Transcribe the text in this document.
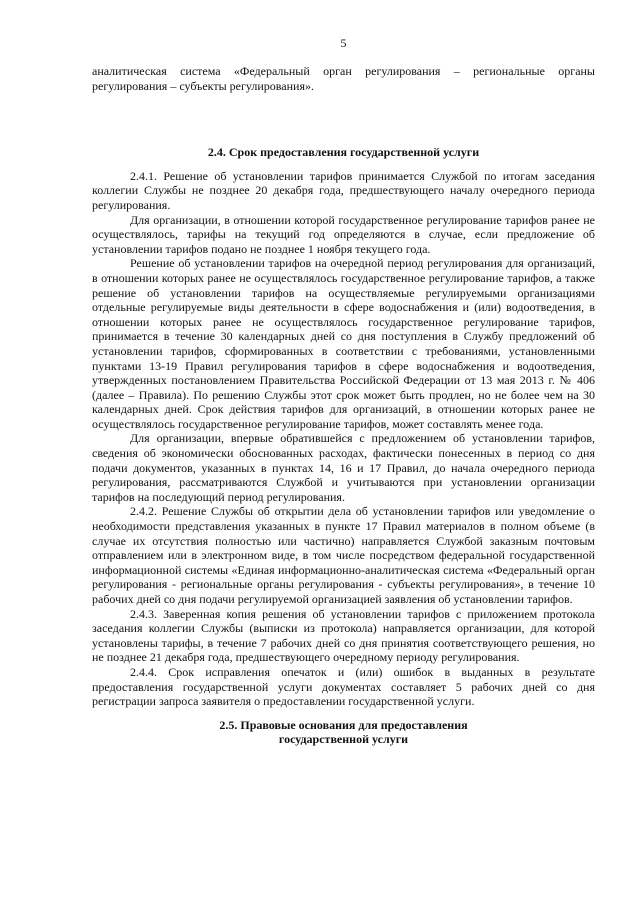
5

аналитическая система «Федеральный орган регулирования – региональные органы регулирования – субъекты регулирования».

2.4. Срок предоставления государственной услуги

2.4.1. Решение об установлении тарифов принимается Службой по итогам заседания коллегии Службы не позднее 20 декабря года, предшествующего началу очередного периода регулирования.

Для организации, в отношении которой государственное регулирование тарифов ранее не осуществлялось, тарифы на текущий год определяются в случае, если предложение об установлении тарифов подано не позднее 1 ноября текущего года.

Решение об установлении тарифов на очередной период регулирования для организаций, в отношении которых ранее не осуществлялось государственное регулирование тарифов, а также решение об установлении тарифов на осуществляемые регулируемыми организациями отдельные регулируемые виды деятельности в сфере водоснабжения и (или) водоотведения, в отношении которых ранее не осуществлялось государственное регулирование тарифов, принимается в течение 30 календарных дней со дня поступления в Службу предложений об установлении тарифов, сформированных в соответствии с требованиями, установленными пунктами 13-19 Правил регулирования тарифов в сфере водоснабжения и водоотведения, утвержденных постановлением Правительства Российской Федерации от 13 мая 2013 г. № 406 (далее – Правила). По решению Службы этот срок может быть продлен, но не более чем на 30 календарных дней. Срок действия тарифов для организаций, в отношении которых ранее не осуществлялось государственное регулирование тарифов, может составлять менее года.

Для организации, впервые обратившейся с предложением об установлении тарифов, сведения об экономически обоснованных расходах, фактически понесенных в период со дня подачи документов, указанных в пунктах 14, 16 и 17 Правил, до начала очередного периода регулирования, рассматриваются Службой и учитываются при установлении организации тарифов на последующий период регулирования.

2.4.2. Решение Службы об открытии дела об установлении тарифов или уведомление о необходимости представления указанных в пункте 17 Правил материалов в полном объеме (в случае их отсутствия полностью или частично) направляется Службой заказным почтовым отправлением или в электронном виде, в том числе посредством федеральной государственной информационной системы «Единая информационно-аналитическая система «Федеральный орган регулирования - региональные органы регулирования - субъекты регулирования», в течение 10 рабочих дней со дня подачи регулируемой организацией заявления об установлении тарифов.

2.4.3. Заверенная копия решения об установлении тарифов с приложением протокола заседания коллегии Службы (выписки из протокола) направляется организации, для которой установлены тарифы, в течение 7 рабочих дней со дня принятия соответствующего решения, но не позднее 21 декабря года, предшествующего очередному периоду регулирования.

2.4.4. Срок исправления опечаток и (или) ошибок в выданных в результате предоставления государственной услуги документах составляет 5 рабочих дней со дня регистрации запроса заявителя о предоставлении государственной услуги.

2.5. Правовые основания для предоставления
государственной услуги
